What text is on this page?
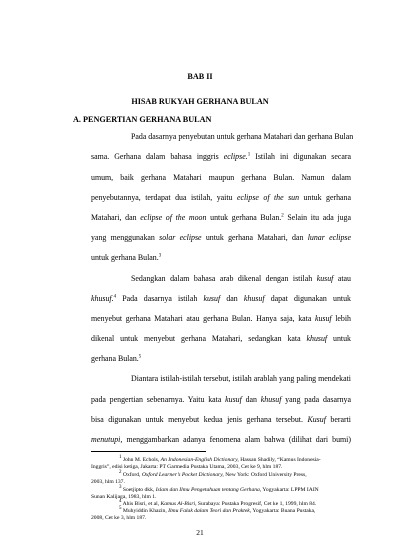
BAB II
HISAB RUKYAH GERHANA BULAN
A. PENGERTIAN GERHANA BULAN
Pada dasarnya penyebutan untuk gerhana Matahari dan gerhana Bulan
sama. Gerhana dalam bahasa inggris eclipse.$^1$ Istilah ini digunakan secara
umum, baik gerhana Matahari maupun gerhana Bulan. Namun dalam
penyebutannya, terdapat dua istilah, yaitu eclipse of the sun untuk gerhana
Matahari, dan eclipse of the moon untuk gerhana Bulan.$^2$ Selain itu ada juga
yang menggunakan solar eclipse untuk gerhana Matahari, dan lunar eclipse
untuk gerhana Bulan.$^3$
Sedangkan dalam bahasa arab dikenal dengan istilah kusuf atau
khusuf.$^4$ Pada dasarnya istilah kusuf dan khusuf dapat digunakan untuk
menyebut gerhana Matahari atau gerhana Bulan. Hanya saja, kata kusuf lebih
dikenal untuk menyebut gerhana Matahari, sedangkan kata khusuf untuk
gerhana Bulan.$^5$
Diantara istilah-istilah tersebut, istilah arablah yang paling mendekati
pada pengertian sebenarnya. Yaitu kata kusuf dan khusuf yang pada dasarnya
bisa digunakan untuk menyebut kedua jenis gerhana tersebut. Kusuf berarti
menutupi, menggambarkan adanya fenomena alam bahwa (dilihat dari bumi)
$^1$ John M. Echols, An Indonesian-English Dictionary, Hassan Shadily, “Kamus Indonesia-
Inggris”, edisi ketiga, Jakarta: PT Garmedia Pustaka Utama, 2003, Cet ke 9, hlm 187.
$^2$ Oxford, Oxford Learner’s Pocket Dictionary, New York: Oxford University Press,
2003, hlm 137.
$^3$ Soetjipto dkk, Islam dan Ilmu Pengetahuan tentang Gerhana, Yogyakarta: LPPM IAIN
Sunan Kalijaga, 1983, hlm 1.
$^4$ Ahis Bisri, et al, Kamus Al-Bisri, Surabaya: Pustaka Progresif, Cet ke 1, 1999, hlm 84.
$^5$ Muhyiddin Khazin, Ilmu Falak dalam Teori dan Praktek, Yogyakarta: Buana Pustaka,
2008, Cet ke 3, hlm 187.
21
